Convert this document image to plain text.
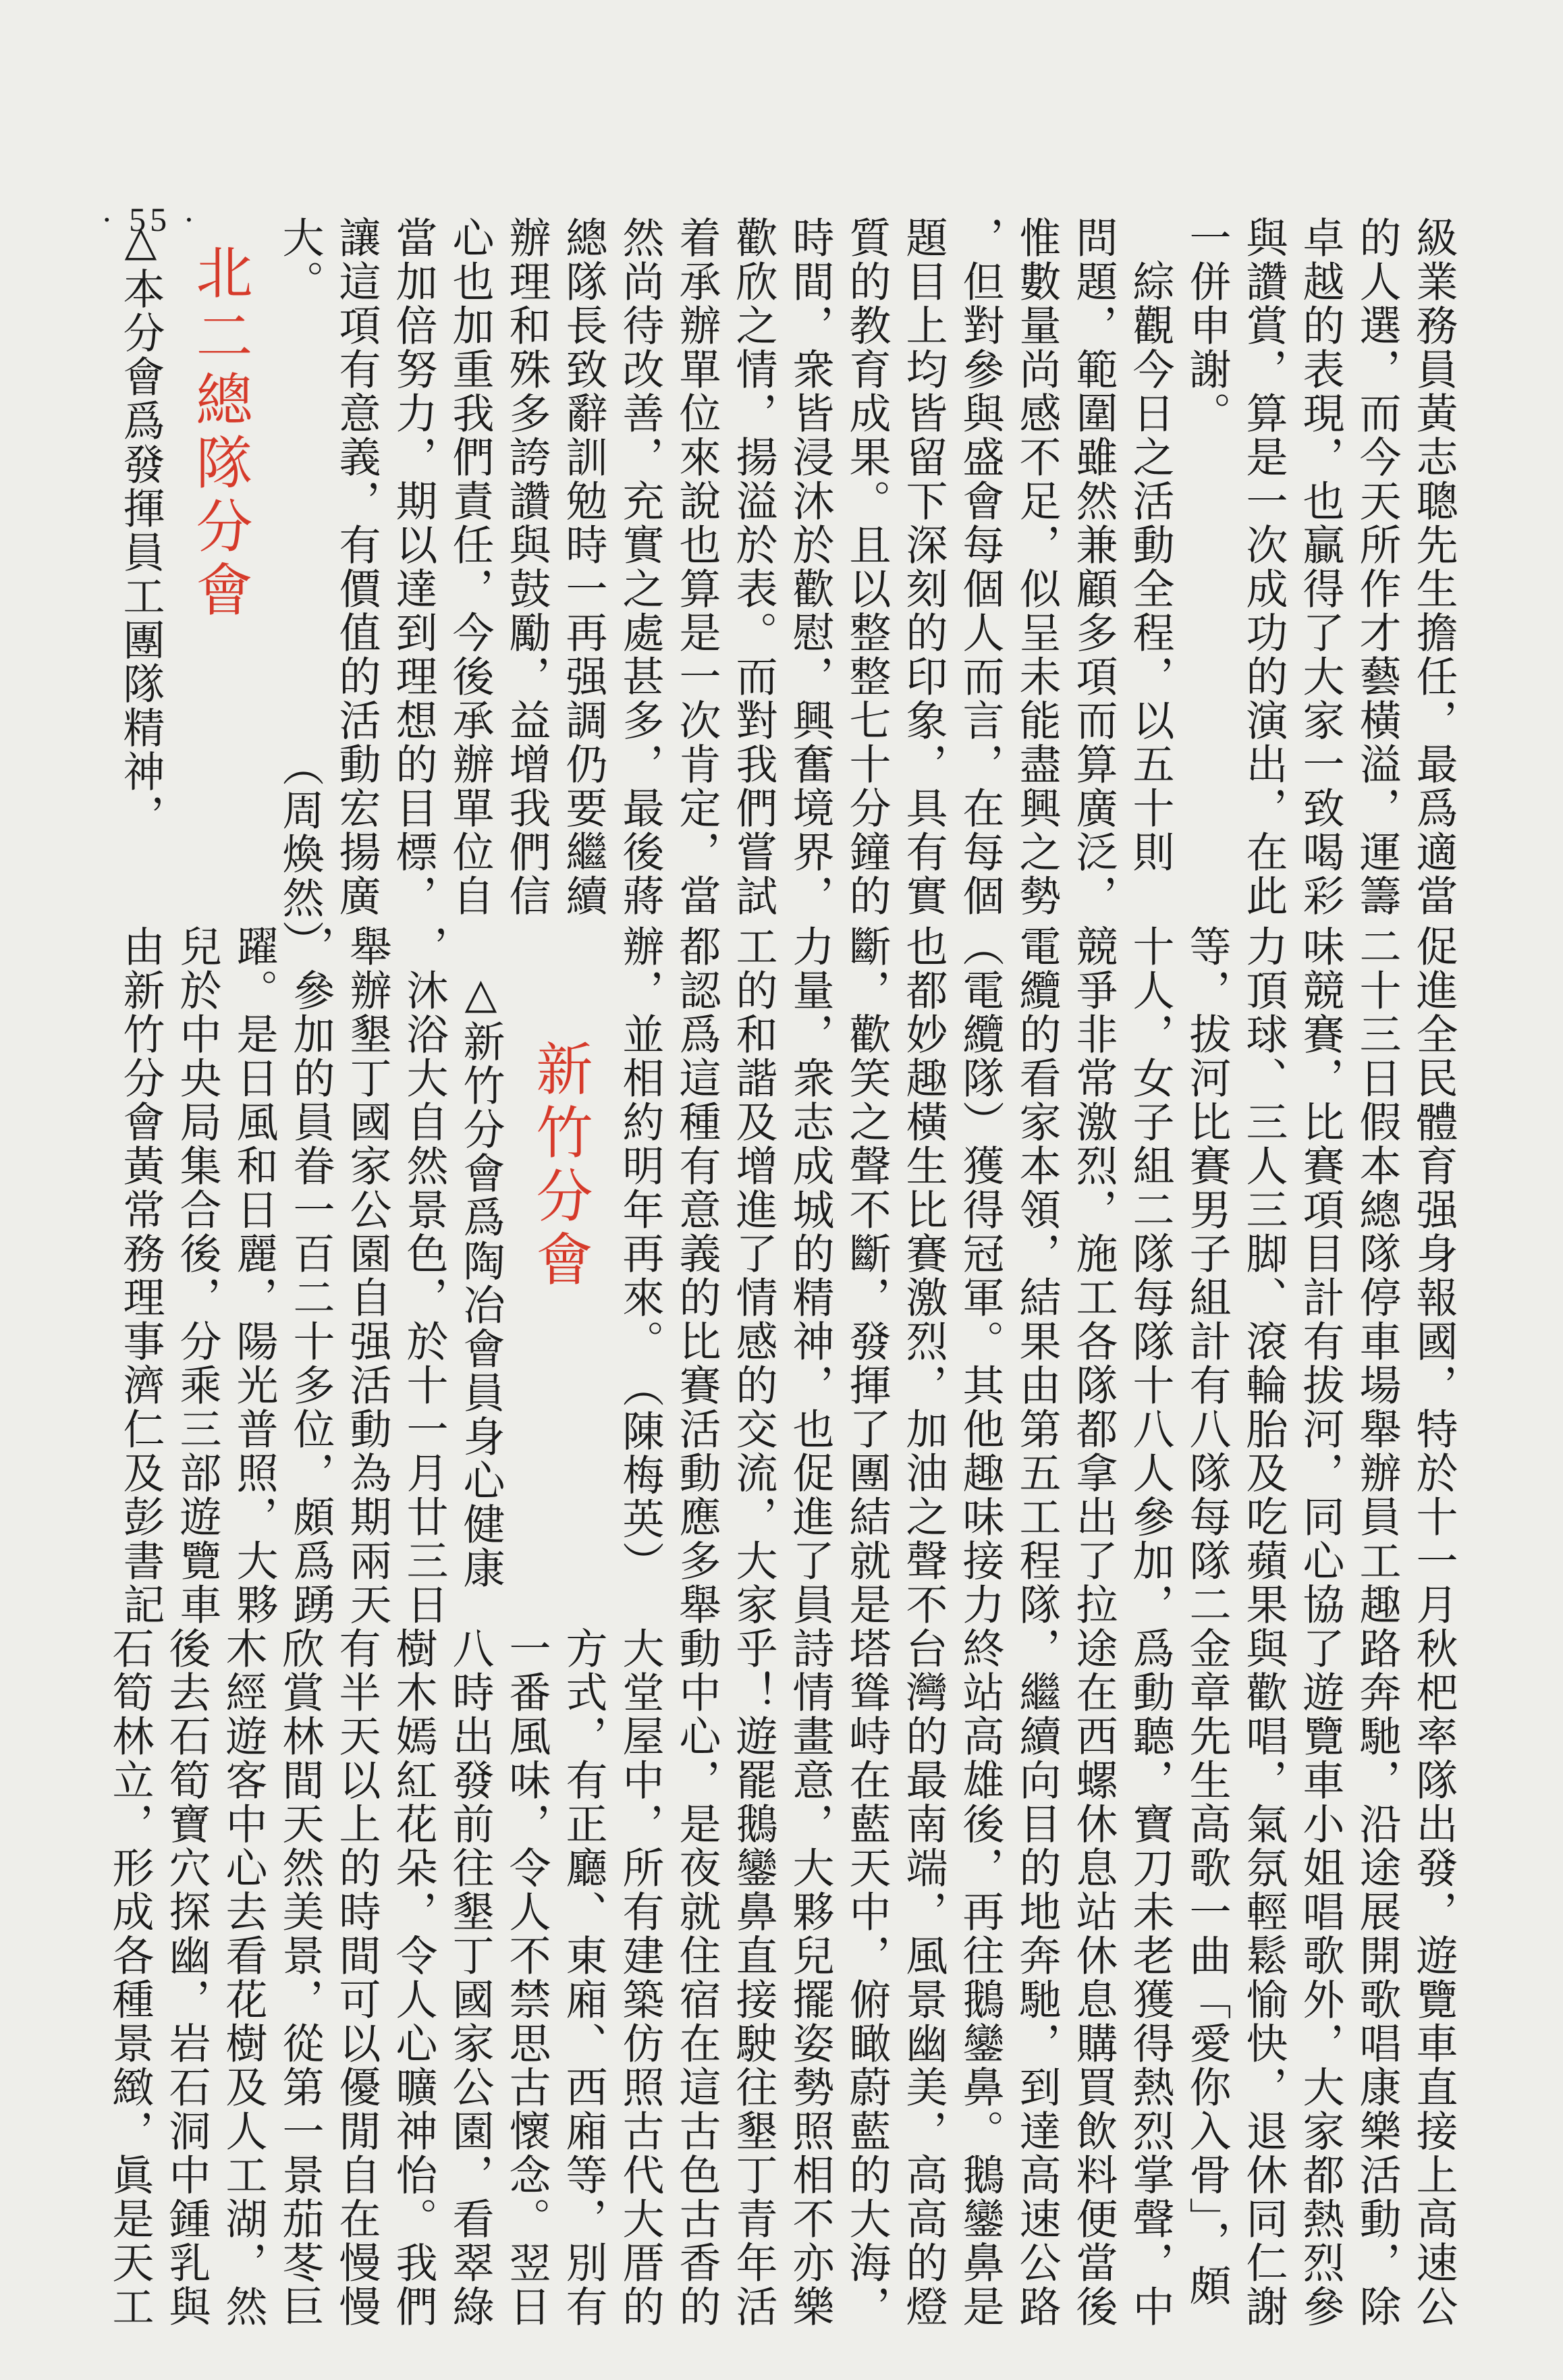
· 55 ·	級業務員黃志聰先生擔任，最爲適當
的人選，而今天所作才藝橫溢，運籌
卓越的表現，也贏得了大家一致喝彩
與讚賞，算是一次成功的演出，在此
一併申謝。
　綜觀今日之活動全程，以五十則
問題，範圍雖然兼顧多項而算廣泛，
惟數量尚感不足，似呈未能盡興之勢
，但對參與盛會每個人而言，在每個
題目上均皆留下深刻的印象，具有實
質的教育成果。且以整整七十分鐘的
時間，衆皆浸沐於歡慰，興奮境界，
歡欣之情，揚溢於表。而對我們嘗試
着承辦單位來說也算是一次肯定，當
然尚待改善，充實之處甚多，最後蔣
總隊長致辭訓勉時一再强調仍要繼續
辦理和殊多誇讚與鼓勵，益增我們信
心也加重我們責任，今後承辦單位自
當加倍努力，期以達到理想的目標，
讓這項有意義，有價值的活動宏揚廣
大。　　　　　　　　　　　（周煥然）
北二總隊分會
△本分會爲發揮員工團隊精神，
促進全民體育强身報國，特於十一月
二十三日假本總隊停車場舉辦員工趣
味競賽，比賽項目計有拔河，同心協
力頂球、三人三脚、滾輪胎及吃蘋果
等，拔河比賽男子組計有八隊每隊二
十人，女子組二隊每隊十八人參加，
競爭非常激烈，施工各隊都拿出了拉
電纜的看家本領，結果由第五工程隊
（電纜隊）獲得冠軍。其他趣味接力
也都妙趣橫生比賽激烈，加油之聲不
斷，歡笑之聲不斷，發揮了團結就是
力量，衆志成城的精神，也促進了員
工的和諧及增進了情感的交流，大家
都認爲這種有意義的比賽活動應多舉
辦，並相約明年再來。　（陳梅英）
新竹分會
　△新竹分會爲陶冶會員身心健康
，沐浴大自然景色，於十一月廿三日
舉辦墾丁國家公園自强活動為期兩天
，參加的員眷一百二十多位，頗爲踴
躍。是日風和日麗，陽光普照，大夥
兒於中央局集合後，分乘三部遊覽車
由新竹分會黃常務理事濟仁及彭書記
秋杷率隊出發，遊覽車直接上高速公
路奔馳，沿途展開歌唱康樂活動，除
了遊覽車小姐唱歌外，大家都熱烈參
與歡唱，氣氛輕鬆愉快，退休同仁謝
金章先生高歌一曲「愛你入骨」，頗
爲動聽，寶刀未老獲得熱烈掌聲，中
途在西螺休息站休息購買飲料便當後
，繼續向目的地奔馳，到達高速公路
終站高雄後，再往鵝鑾鼻。鵝鑾鼻是
台灣的最南端，風景幽美，高高的燈
塔聳峙在藍天中，俯瞰蔚藍的大海，
詩情畫意，大夥兒擺姿勢照相不亦樂
乎！遊罷鵝鑾鼻直接駛往墾丁青年活
動中心，是夜就住宿在這古色古香的
大堂屋中，所有建築仿照古代大厝的
方式，有正廳、東廂、西廂等，別有
一番風味，令人不禁思古懷念。翌日
八時出發前往墾丁國家公園，看翠綠
樹木嫣紅花朵，令人心曠神怡。我們
有半天以上的時間可以優閒自在慢慢
欣賞林間天然美景，從第一景茄苳巨
木經遊客中心去看花樹及人工湖，然
後去石筍寶穴探幽，岩石洞中鍾乳與
石筍林立，形成各種景緻，眞是天工
